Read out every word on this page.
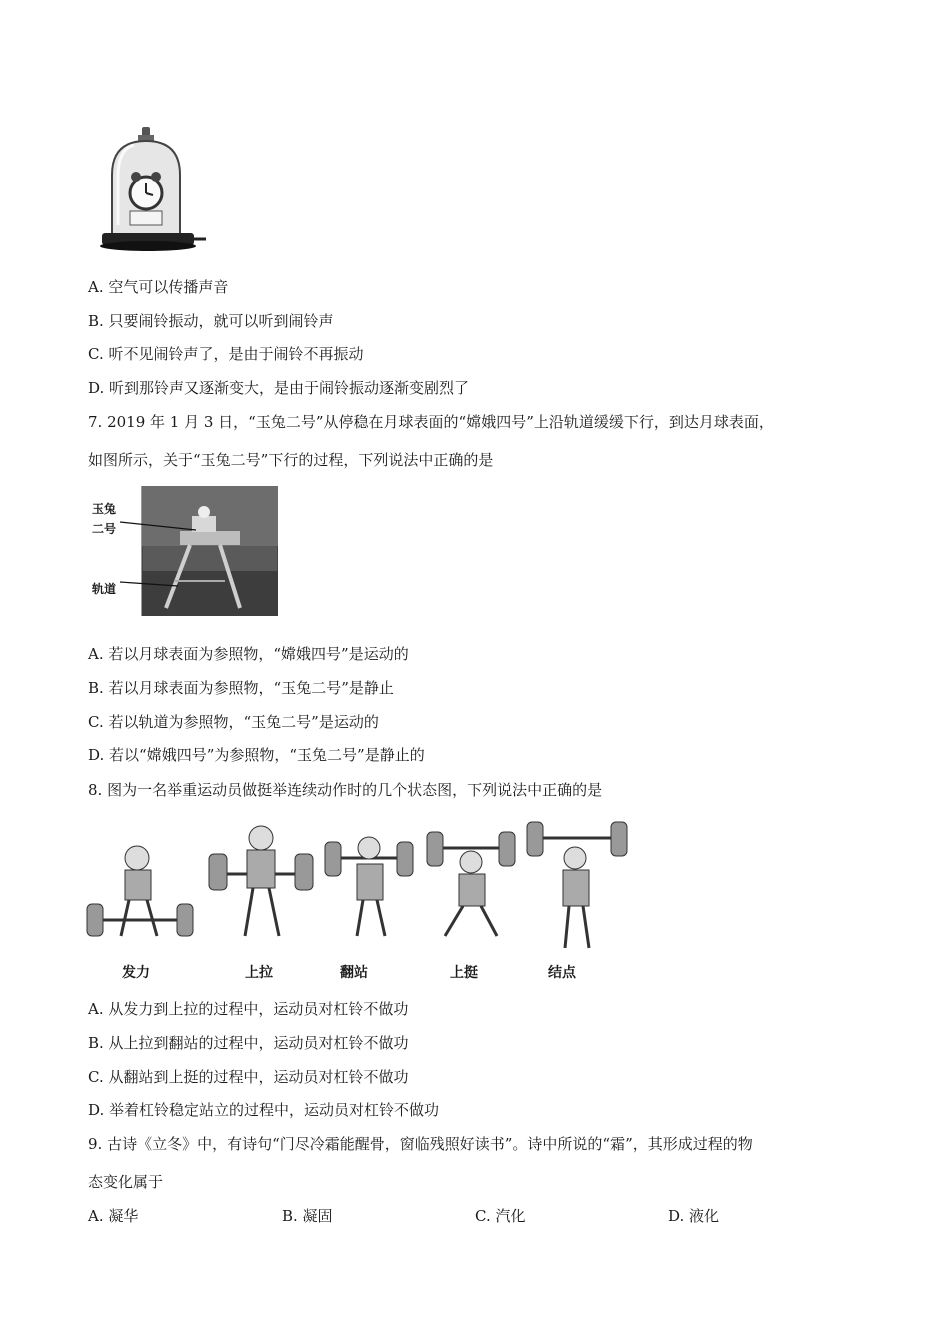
A. 空气可以传播声音
B. 只要闹铃振动，就可以听到闹铃声
C. 听不见闹铃声了，是由于闹铃不再振动
D. 听到那铃声又逐渐变大，是由于闹铃振动逐渐变剧烈了
7. 2019 年 1 月 3 日，“玉兔二号”从停稳在月球表面的“嫦娥四号”上沿轨道缓缓下行，到达月球表面，
如图所示，关于“玉兔二号”下行的过程，下列说法中正确的是
玉兔
二号
轨道
A. 若以月球表面为参照物，“嫦娥四号”是运动的
B. 若以月球表面为参照物，“玉兔二号”是静止
C. 若以轨道为参照物，“玉兔二号”是运动的
D. 若以“嫦娥四号”为参照物，“玉兔二号”是静止的
8. 图为一名举重运动员做挺举连续动作时的几个状态图，下列说法中正确的是
发力	上拉	翻站	上挺	结点
A. 从发力到上拉的过程中，运动员对杠铃不做功
B. 从上拉到翻站的过程中，运动员对杠铃不做功
C. 从翻站到上挺的过程中，运动员对杠铃不做功
D. 举着杠铃稳定站立的过程中，运动员对杠铃不做功
9. 古诗《立冬》中，有诗句“门尽冷霜能醒骨，窗临残照好读书”。诗中所说的“霜”，其形成过程的物
态变化属于
A. 凝华	B. 凝固	C. 汽化	D. 液化
